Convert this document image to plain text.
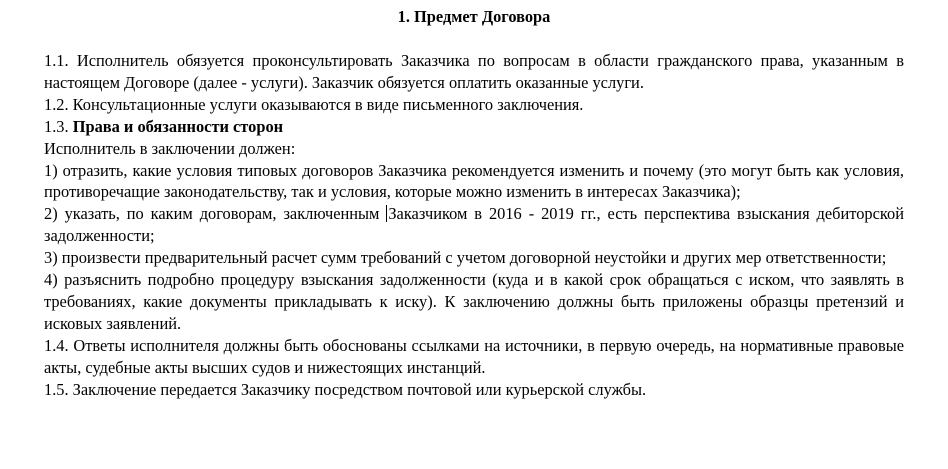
1. Предмет Договора

1.1. Исполнитель обязуется проконсультировать Заказчика по вопросам в области гражданского права, указанным в настоящем Договоре (далее - услуги). Заказчик обязуется оплатить оказанные услуги.

1.2. Консультационные услуги оказываются в виде письменного заключения.

1.3. Права и обязанности сторон

Исполнитель в заключении должен:

1) отразить, какие условия типовых договоров Заказчика рекомендуется изменить и почему (это могут быть как условия, противоречащие законодательству, так и условия, которые можно изменить в интересах Заказчика);

2) указать, по каким договорам, заключенным Заказчиком в 2016 - 2019 гг., есть перспектива взыскания дебиторской задолженности;

3) произвести предварительный расчет сумм требований с учетом договорной неустойки и других мер ответственности;

4) разъяснить подробно процедуру взыскания задолженности (куда и в какой срок обращаться с иском, что заявлять в требованиях, какие документы прикладывать к иску). К заключению должны быть приложены образцы претензий и исковых заявлений.

1.4. Ответы исполнителя должны быть обоснованы ссылками на источники, в первую очередь, на нормативные правовые акты, судебные акты высших судов и нижестоящих инстанций.

1.5. Заключение передается Заказчику посредством почтовой или курьерской службы.
